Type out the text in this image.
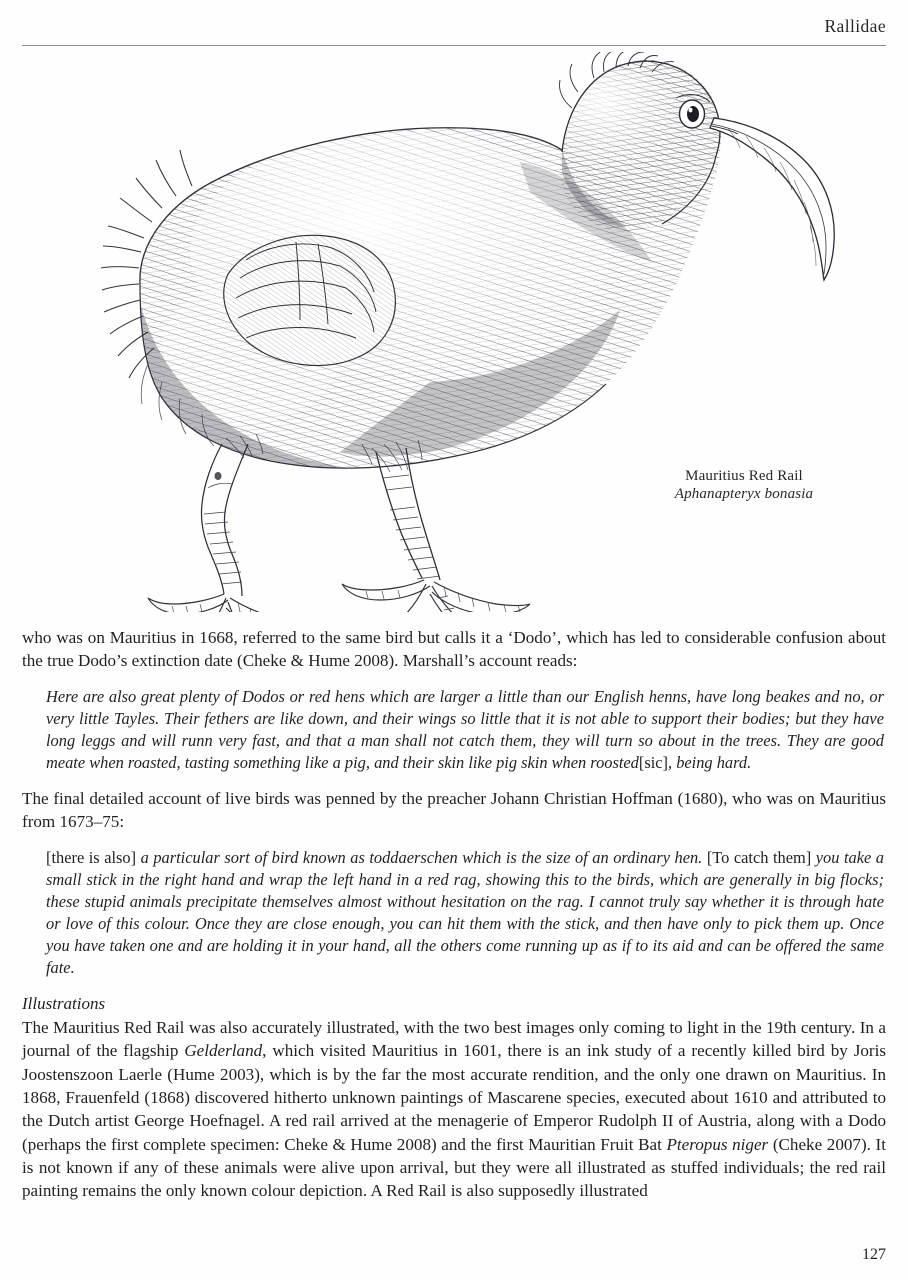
Rallidae
Mauritius Red Rail
Aphanapteryx bonasia

who was on Mauritius in 1668, referred to the same bird but calls it a ‘Dodo’, which has led to considerable confusion about the true Dodo’s extinction date (Cheke & Hume 2008). Marshall’s account reads:

Here are also great plenty of Dodos or red hens which are larger a little than our English henns, have long beakes and no, or very little Tayles. Their fethers are like down, and their wings so little that it is not able to support their bodies; but they have long leggs and will runn very fast, and that a man shall not catch them, they will turn so about in the trees. They are good meate when roasted, tasting something like a pig, and their skin like pig skin when roosted[sic], being hard.

The final detailed account of live birds was penned by the preacher Johann Christian Hoffman (1680), who was on Mauritius from 1673–75:

[there is also] a particular sort of bird known as toddaerschen which is the size of an ordinary hen. [To catch them] you take a small stick in the right hand and wrap the left hand in a red rag, showing this to the birds, which are generally in big flocks; these stupid animals precipitate themselves almost without hesitation on the rag. I cannot truly say whether it is through hate or love of this colour. Once they are close enough, you can hit them with the stick, and then have only to pick them up. Once you have taken one and are holding it in your hand, all the others come running up as if to its aid and can be offered the same fate.

Illustrations

The Mauritius Red Rail was also accurately illustrated, with the two best images only coming to light in the 19th century. In a journal of the flagship Gelderland, which visited Mauritius in 1601, there is an ink study of a recently killed bird by Joris Joostenszoon Laerle (Hume 2003), which is by the far the most accurate rendition, and the only one drawn on Mauritius. In 1868, Frauenfeld (1868) discovered hitherto unknown paintings of Mascarene species, executed about 1610 and attributed to the Dutch artist George Hoefnagel. A red rail arrived at the menagerie of Emperor Rudolph II of Austria, along with a Dodo (perhaps the first complete specimen: Cheke & Hume 2008) and the first Mauritian Fruit Bat Pteropus niger (Cheke 2007). It is not known if any of these animals were alive upon arrival, but they were all illustrated as stuffed individuals; the red rail painting remains the only known colour depiction. A Red Rail is also supposedly illustrated

127
